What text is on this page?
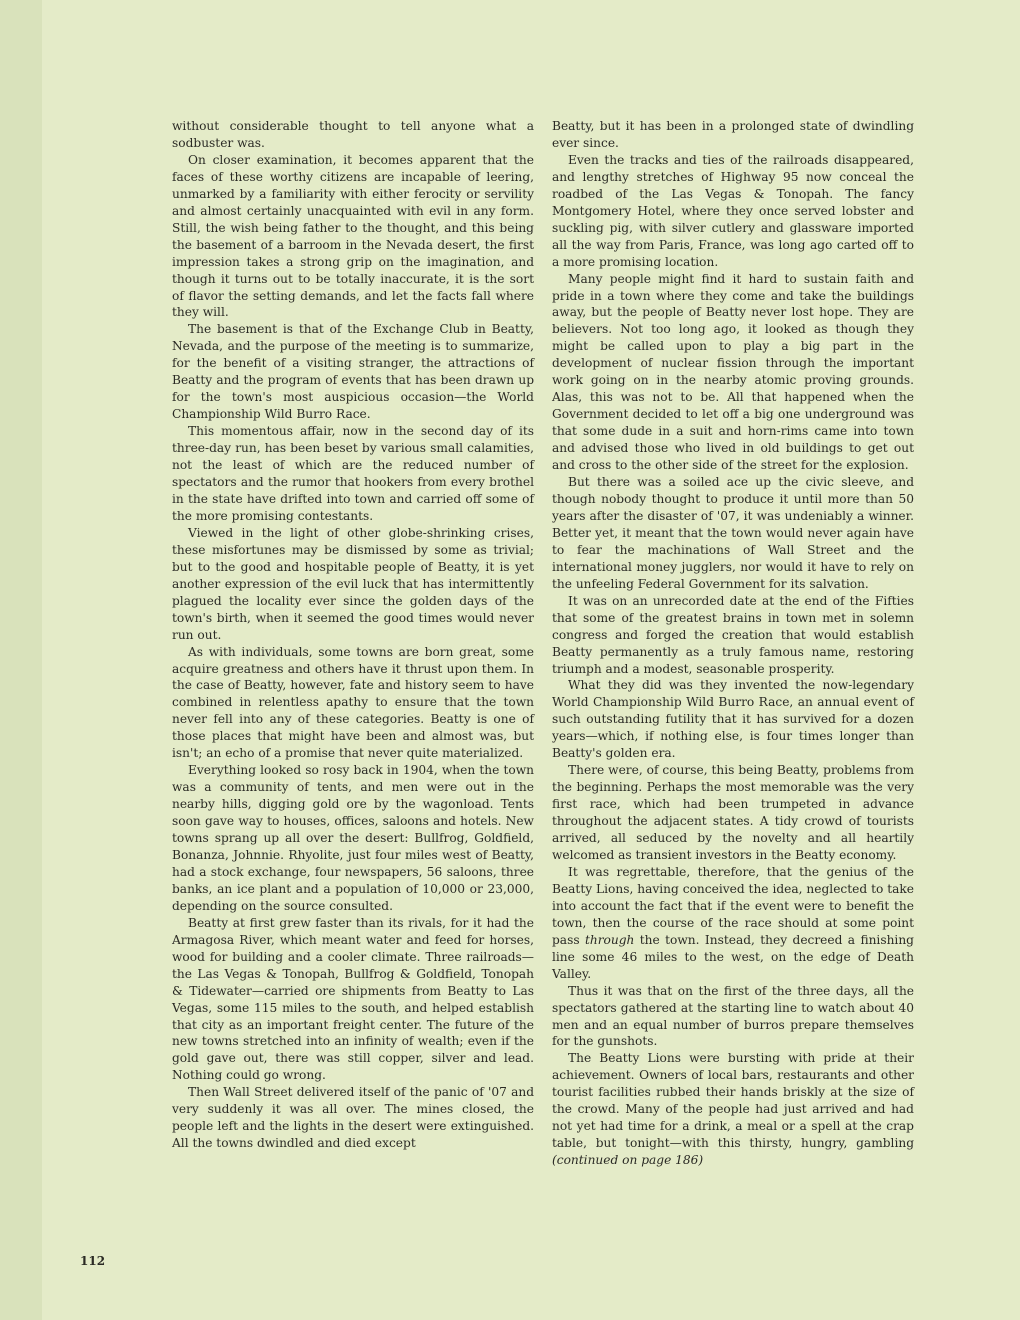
without considerable thought to tell anyone what a sodbuster was.

On closer examination, it becomes apparent that the faces of these worthy citizens are incapable of leering, unmarked by a familiarity with either ferocity or servility and almost certainly unacquainted with evil in any form. Still, the wish being father to the thought, and this being the basement of a barroom in the Nevada desert, the first impression takes a strong grip on the imagination, and though it turns out to be totally inaccurate, it is the sort of flavor the setting demands, and let the facts fall where they will.

The basement is that of the Exchange Club in Beatty, Nevada, and the purpose of the meeting is to summarize, for the benefit of a visiting stranger, the attractions of Beatty and the program of events that has been drawn up for the town's most auspicious occasion—the World Championship Wild Burro Race.

This momentous affair, now in the second day of its three-day run, has been beset by various small calamities, not the least of which are the reduced number of spectators and the rumor that hookers from every brothel in the state have drifted into town and carried off some of the more promising contestants.

Viewed in the light of other globe-shrinking crises, these misfortunes may be dismissed by some as trivial; but to the good and hospitable people of Beatty, it is yet another expression of the evil luck that has intermittently plagued the locality ever since the golden days of the town's birth, when it seemed the good times would never run out.

As with individuals, some towns are born great, some acquire greatness and others have it thrust upon them. In the case of Beatty, however, fate and history seem to have combined in relentless apathy to ensure that the town never fell into any of these categories. Beatty is one of those places that might have been and almost was, but isn't; an echo of a promise that never quite materialized.

Everything looked so rosy back in 1904, when the town was a community of tents, and men were out in the nearby hills, digging gold ore by the wagonload. Tents soon gave way to houses, offices, saloons and hotels. New towns sprang up all over the desert: Bullfrog, Goldfield, Bonanza, Johnnie. Rhyolite, just four miles west of Beatty, had a stock exchange, four newspapers, 56 saloons, three banks, an ice plant and a population of 10,000 or 23,000, depending on the source consulted.

Beatty at first grew faster than its rivals, for it had the Armagosa River, which meant water and feed for horses, wood for building and a cooler climate. Three railroads—the Las Vegas & Tonopah, Bullfrog & Goldfield, Tonopah & Tidewater—carried ore shipments from Beatty to Las Vegas, some 115 miles to the south, and helped establish that city as an important freight center. The future of the new towns stretched into an infinity of wealth; even if the gold gave out, there was still copper, silver and lead. Nothing could go wrong.

Then Wall Street delivered itself of the panic of '07 and very suddenly it was all over. The mines closed, the people left and the lights in the desert were extinguished. All the towns dwindled and died except

Beatty, but it has been in a prolonged state of dwindling ever since.

Even the tracks and ties of the railroads disappeared, and lengthy stretches of Highway 95 now conceal the roadbed of the Las Vegas & Tonopah. The fancy Montgomery Hotel, where they once served lobster and suckling pig, with silver cutlery and glassware imported all the way from Paris, France, was long ago carted off to a more promising location.

Many people might find it hard to sustain faith and pride in a town where they come and take the buildings away, but the people of Beatty never lost hope. They are believers. Not too long ago, it looked as though they might be called upon to play a big part in the development of nuclear fission through the important work going on in the nearby atomic proving grounds. Alas, this was not to be. All that happened when the Government decided to let off a big one underground was that some dude in a suit and horn-rims came into town and advised those who lived in old buildings to get out and cross to the other side of the street for the explosion.

But there was a soiled ace up the civic sleeve, and though nobody thought to produce it until more than 50 years after the disaster of '07, it was undeniably a winner. Better yet, it meant that the town would never again have to fear the machinations of Wall Street and the international money jugglers, nor would it have to rely on the unfeeling Federal Government for its salvation.

It was on an unrecorded date at the end of the Fifties that some of the greatest brains in town met in solemn congress and forged the creation that would establish Beatty permanently as a truly famous name, restoring triumph and a modest, seasonable prosperity.

What they did was they invented the now-legendary World Championship Wild Burro Race, an annual event of such outstanding futility that it has survived for a dozen years—which, if nothing else, is four times longer than Beatty's golden era.

There were, of course, this being Beatty, problems from the beginning. Perhaps the most memorable was the very first race, which had been trumpeted in advance throughout the adjacent states. A tidy crowd of tourists arrived, all seduced by the novelty and all heartily welcomed as transient investors in the Beatty economy.

It was regrettable, therefore, that the genius of the Beatty Lions, having conceived the idea, neglected to take into account the fact that if the event were to benefit the town, then the course of the race should at some point pass through the town. Instead, they decreed a finishing line some 46 miles to the west, on the edge of Death Valley.

Thus it was that on the first of the three days, all the spectators gathered at the starting line to watch about 40 men and an equal number of burros prepare themselves for the gunshots.

The Beatty Lions were bursting with pride at their achievement. Owners of local bars, restaurants and other tourist facilities rubbed their hands briskly at the size of the crowd. Many of the people had just arrived and had not yet had time for a drink, a meal or a spell at the crap table, but tonight—with this thirsty, hungry, gambling (continued on page 186)

112
